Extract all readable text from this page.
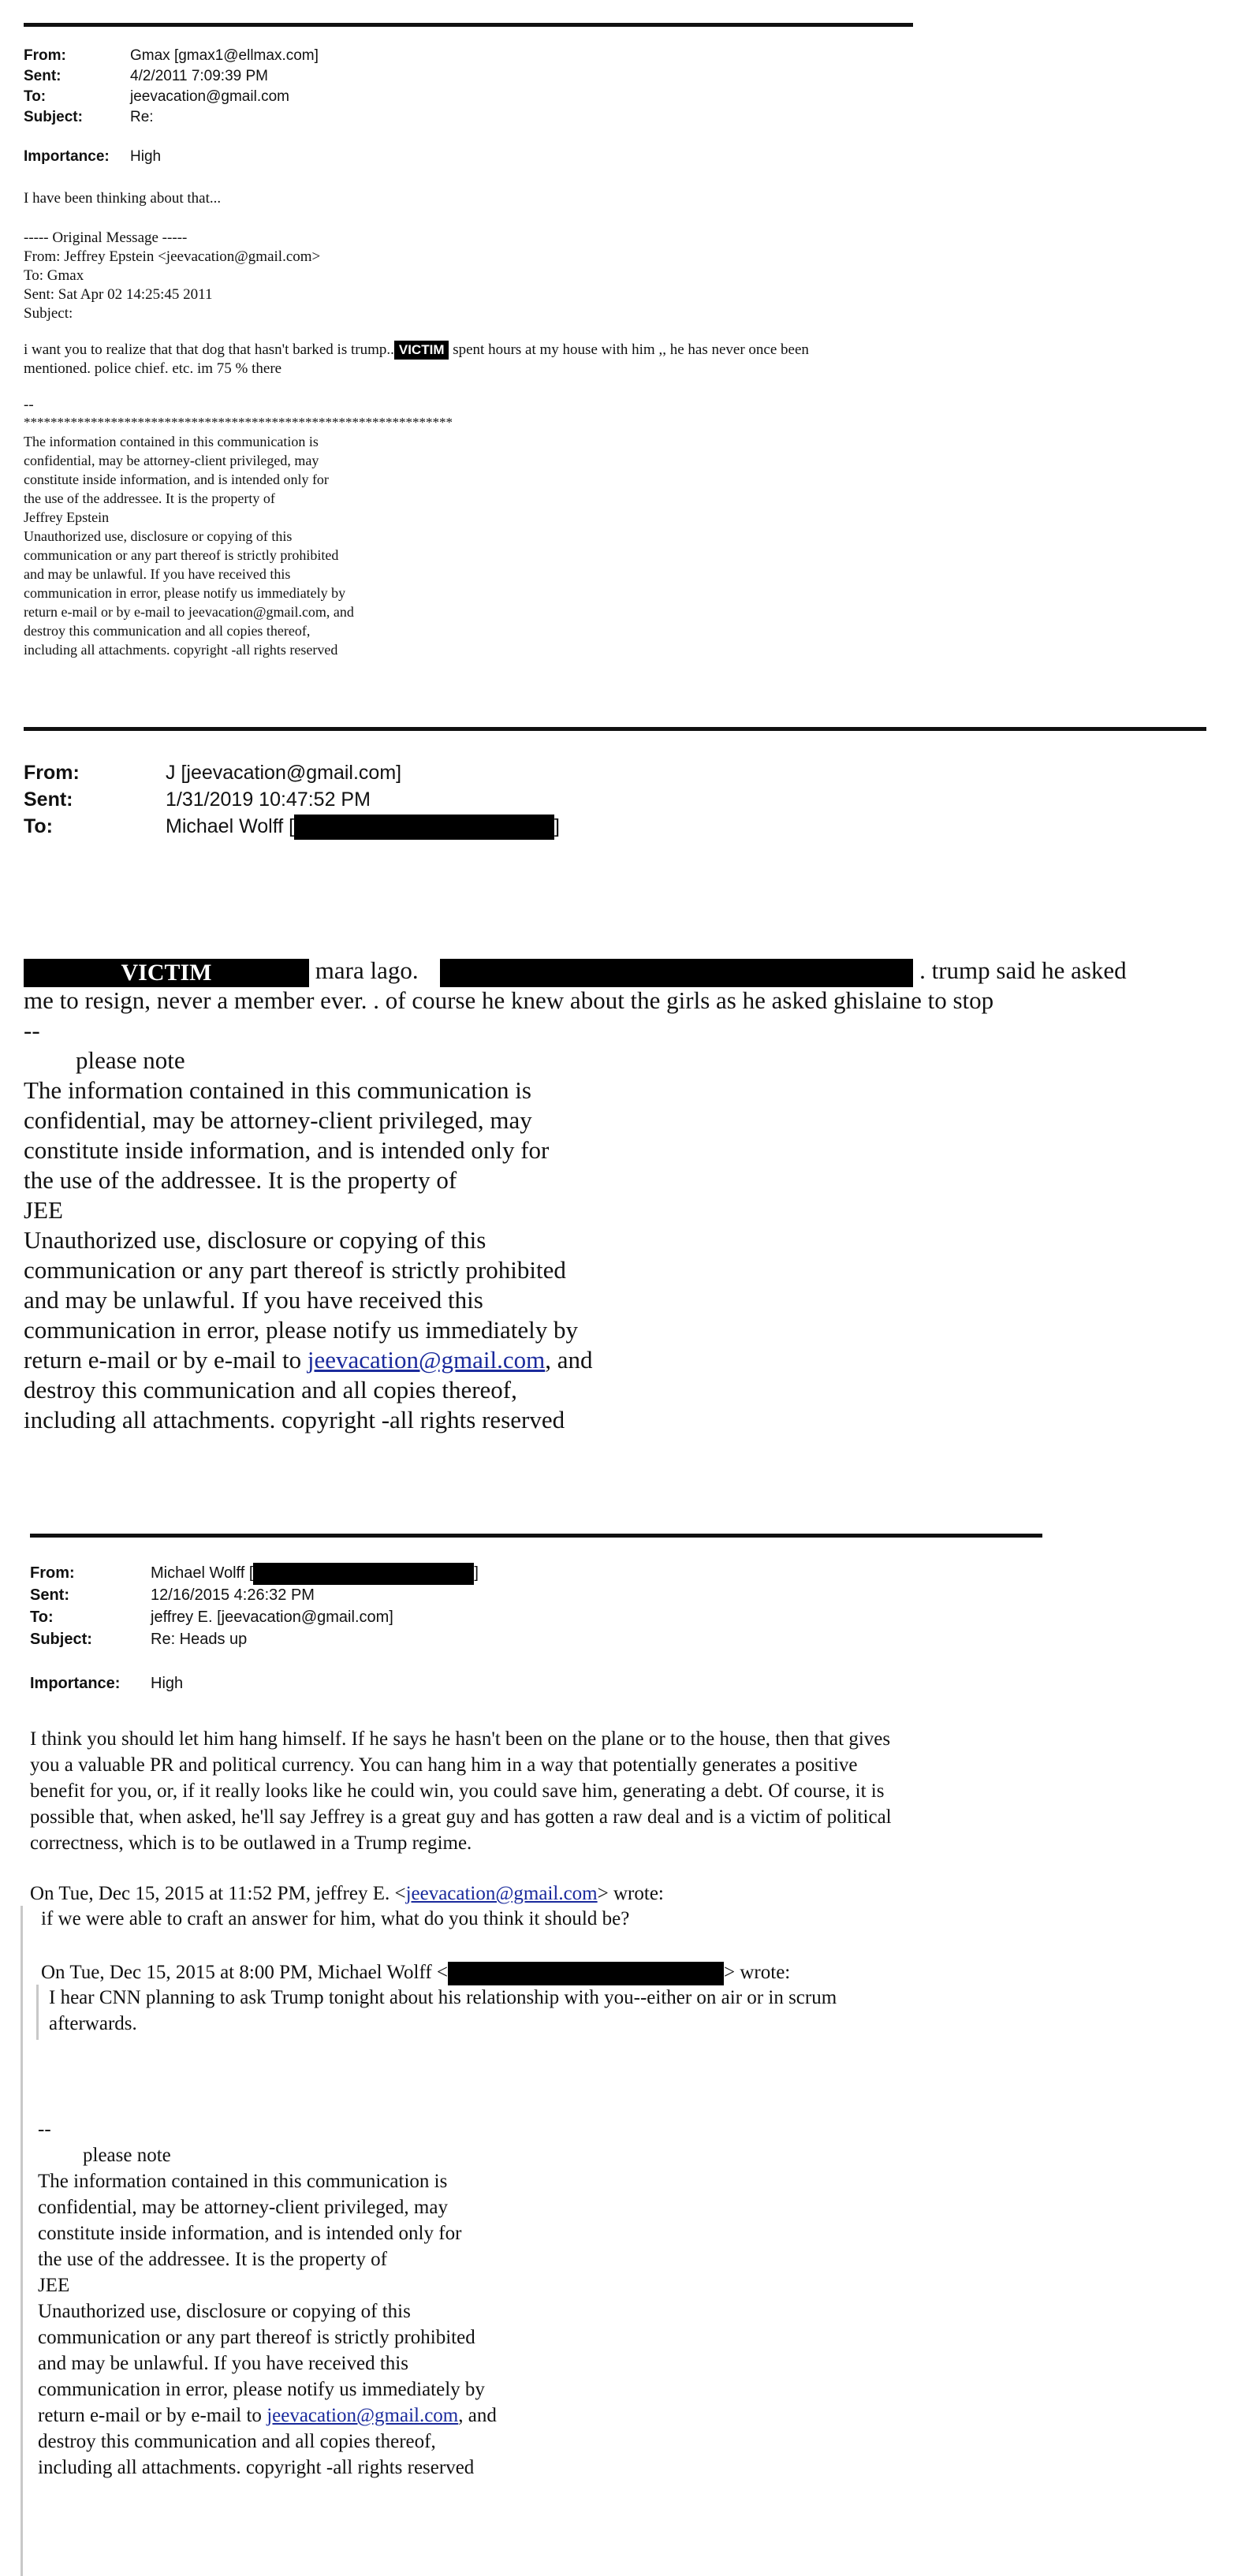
From:	Gmax [gmax1@ellmax.com]
Sent:	4/2/2011 7:09:39 PM
To:	jeevacation@gmail.com
Subject:	Re:
Importance: High
I have been thinking about that...
----- Original Message -----
From: Jeffrey Epstein <jeevacation@gmail.com>
To: Gmax
Sent: Sat Apr 02 14:25:45 2011
Subject:
i want you to realize that that dog that hasn't barked is trump.. VICTIM spent hours at my house with him ,, he has never once been
mentioned. police chief. etc. im 75 % there
--
****************************************************************
The information contained in this communication is
confidential, may be attorney-client privileged, may
constitute inside information, and is intended only for
the use of the addressee. It is the property of
Jeffrey Epstein
Unauthorized use, disclosure or copying of this
communication or any part thereof is strictly prohibited
and may be unlawful. If you have received this
communication in error, please notify us immediately by
return e-mail or by e-mail to jeevacation@gmail.com, and
destroy this communication and all copies thereof,
including all attachments. copyright -all rights reserved
From:	J [jeevacation@gmail.com]
Sent:	1/31/2019 10:47:52 PM
To:	Michael Wolff [	]
VICTIM	mara lago.	. trump said he asked
me to resign, never a member ever. . of course he knew about the girls as he asked ghislaine to stop
--
please note
The information contained in this communication is
confidential, may be attorney-client privileged, may
constitute inside information, and is intended only for
the use of the addressee. It is the property of
JEE
Unauthorized use, disclosure or copying of this
communication or any part thereof is strictly prohibited
and may be unlawful. If you have received this
communication in error, please notify us immediately by
return e-mail or by e-mail to jeevacation@gmail.com, and
destroy this communication and all copies thereof,
including all attachments. copyright -all rights reserved
From:	Michael Wolff [	]
Sent:	12/16/2015 4:26:32 PM
To:	jeffrey E. [jeevacation@gmail.com]
Subject:	Re: Heads up
Importance: High
I think you should let him hang himself. If he says he hasn't been on the plane or to the house, then that gives
you a valuable PR and political currency. You can hang him in a way that potentially generates a positive
benefit for you, or, if it really looks like he could win, you could save him, generating a debt. Of course, it is
possible that, when asked, he'll say Jeffrey is a great guy and has gotten a raw deal and is a victim of political
correctness, which is to be outlawed in a Trump regime.
On Tue, Dec 15, 2015 at 11:52 PM, jeffrey E. <jeevacation@gmail.com> wrote:
if we were able to craft an answer for him, what do you think it should be?
On Tue, Dec 15, 2015 at 8:00 PM, Michael Wolff <	> wrote:
I hear CNN planning to ask Trump tonight about his relationship with you--either on air or in scrum
afterwards.
--
please note
The information contained in this communication is
confidential, may be attorney-client privileged, may
constitute inside information, and is intended only for
the use of the addressee. It is the property of
JEE
Unauthorized use, disclosure or copying of this
communication or any part thereof is strictly prohibited
and may be unlawful. If you have received this
communication in error, please notify us immediately by
return e-mail or by e-mail to jeevacation@gmail.com, and
destroy this communication and all copies thereof,
including all attachments. copyright -all rights reserved
